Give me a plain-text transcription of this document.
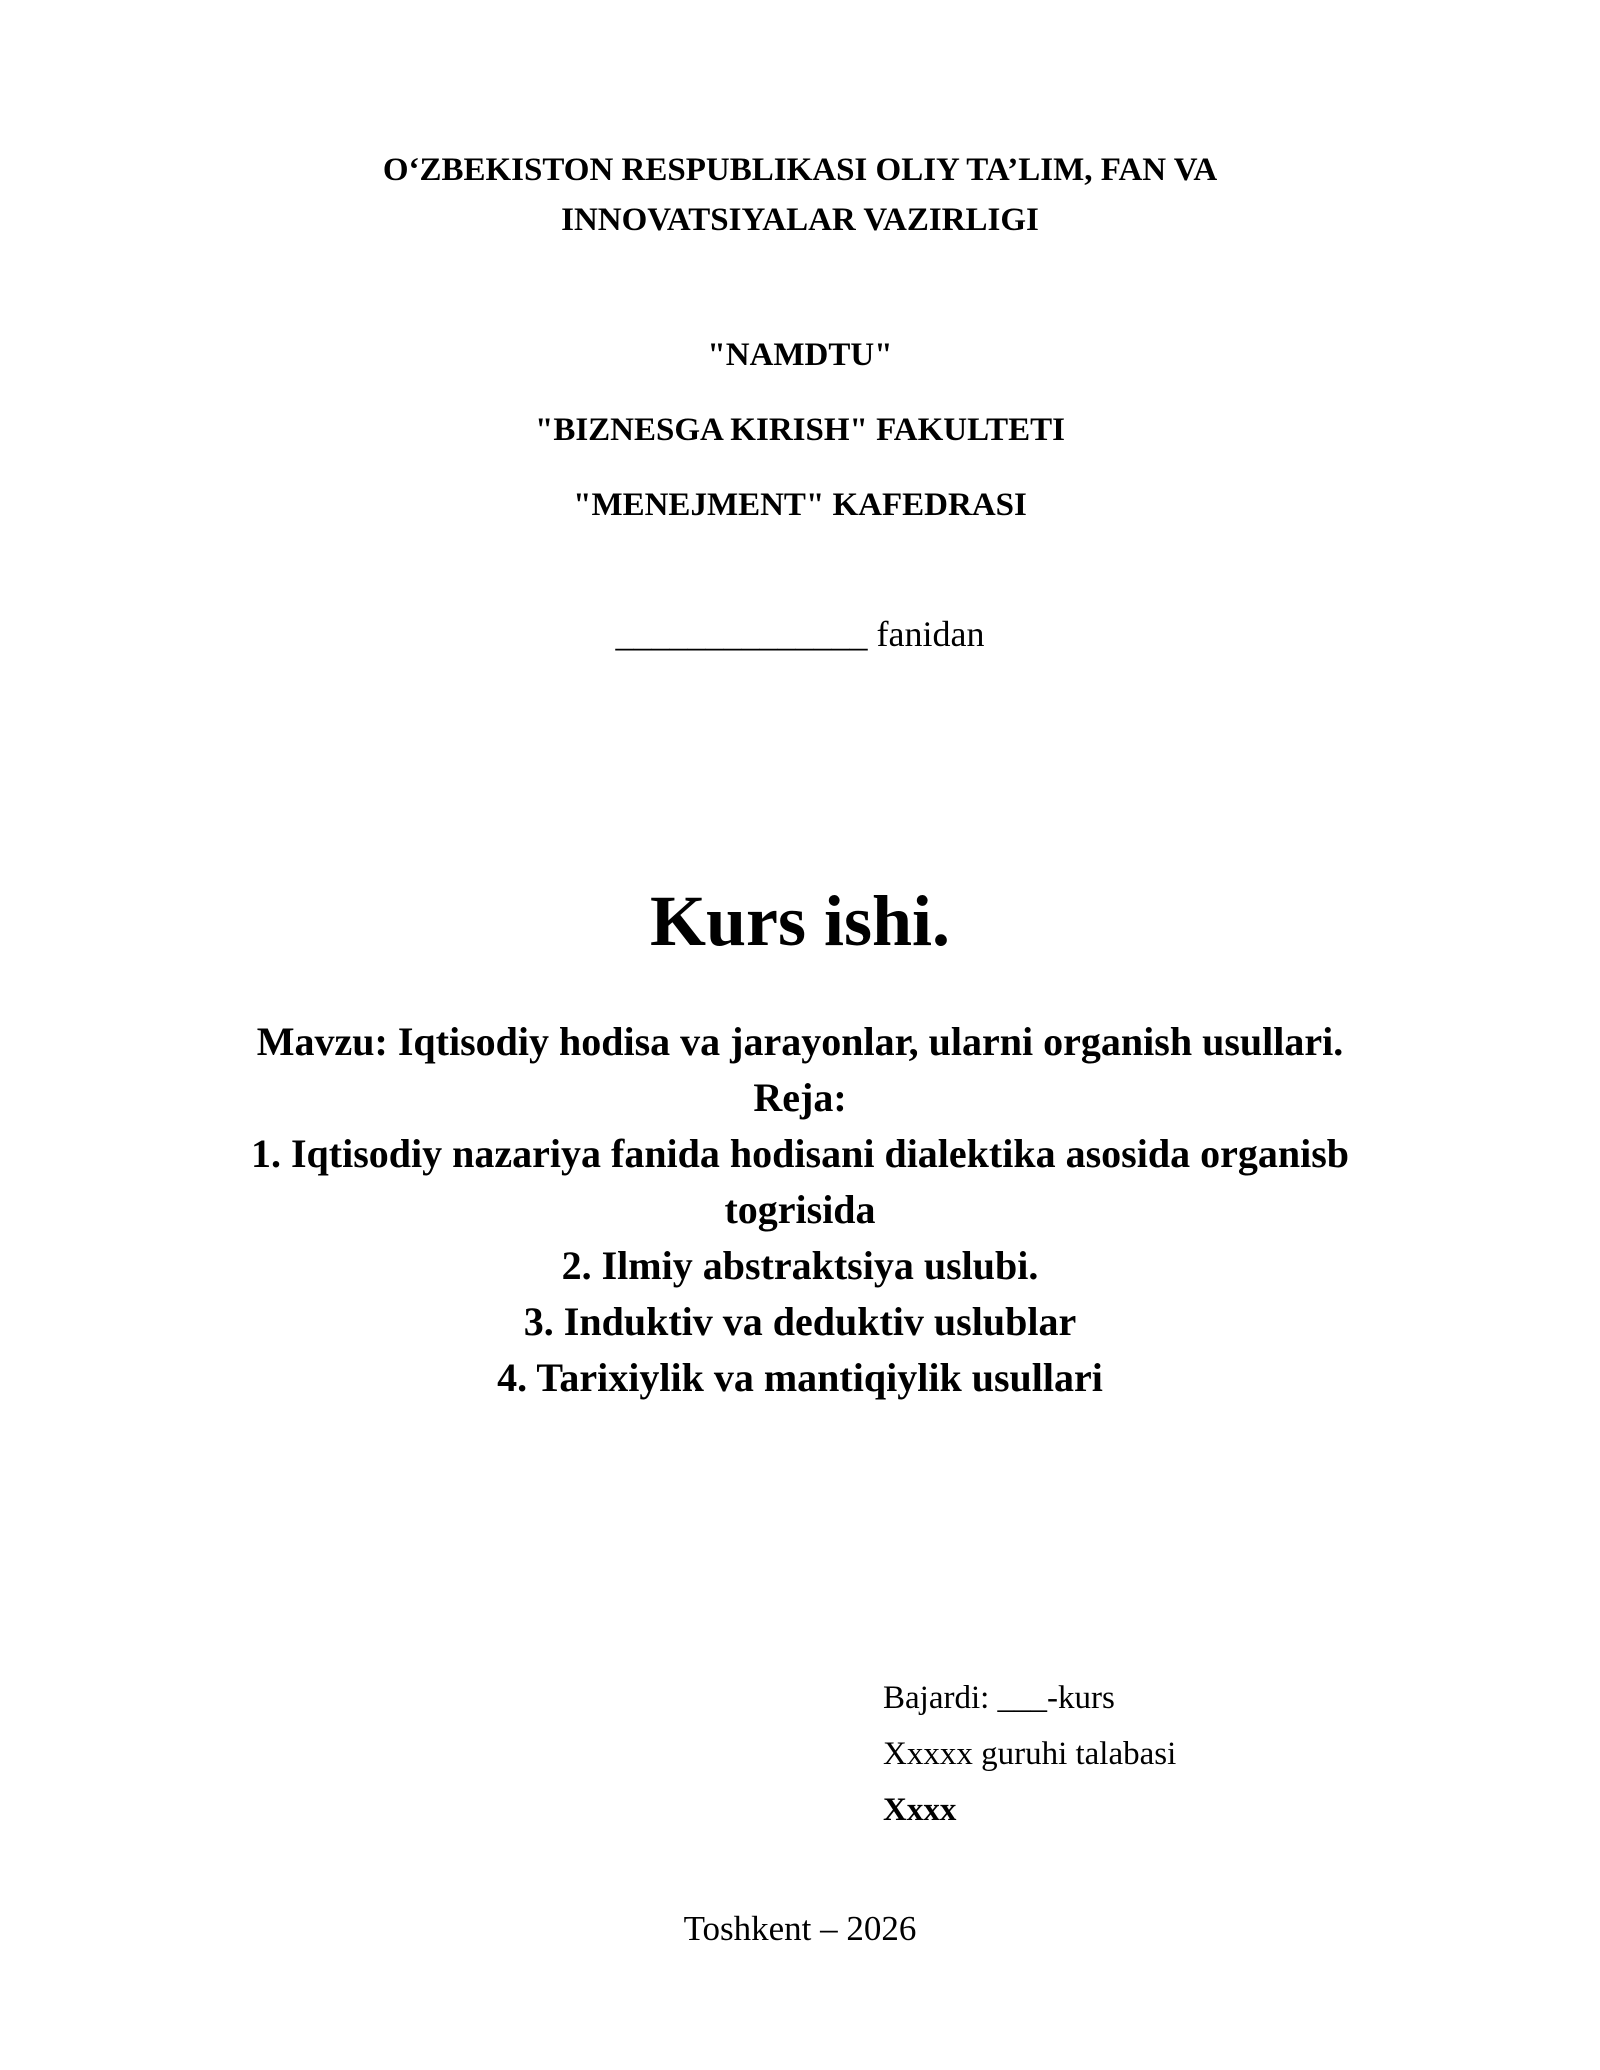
O‘ZBEKISTON RESPUBLIKASI OLIY TA’LIM, FAN VA
INNOVATSIYALAR VAZIRLIGI
"NAMDTU"
"BIZNESGA KIRISH" FAKULTETI
"MENEJMENT" KAFEDRASI
______________ fanidan
Kurs ishi.
Mavzu: Iqtisodiy hodisa va jarayonlar, ularni organish usullari.
Reja:
1. Iqtisodiy nazariya fanida hodisani dialektika asosida organisb
togrisida
2. Ilmiy abstraktsiya uslubi.
3. Induktiv va deduktiv uslublar
4. Tarixiylik va mantiqiylik usullari
Bajardi: ___-kurs
Xxxxx guruhi talabasi
Xxxx
Toshkent – 2026
